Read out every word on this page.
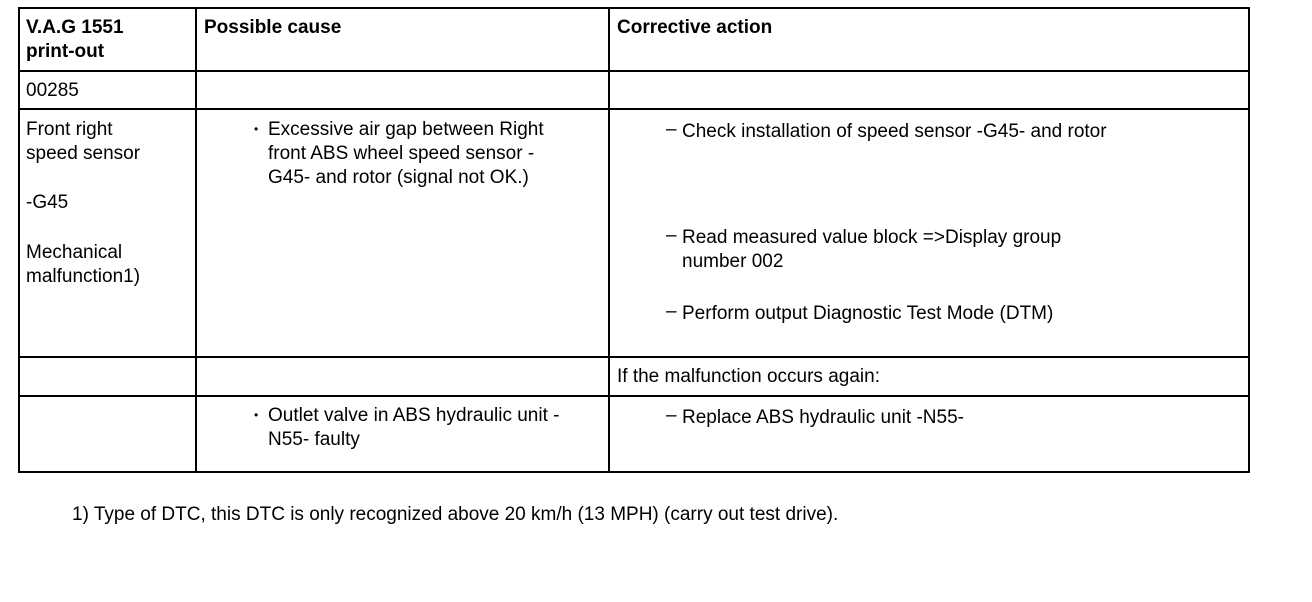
V.A.G 1551
print-out
Possible cause	Corrective action
00285
Front right
speed sensor
-G45
Mechanical
malfunction1)
• Excessive air gap between Right
front ABS wheel speed sensor -
G45- and rotor (signal not OK.)
– Check installation of speed sensor -G45- and rotor
– Read measured value block =>Display group
number 002
– Perform output Diagnostic Test Mode (DTM)
If the malfunction occurs again:
• Outlet valve in ABS hydraulic unit -
N55- faulty
– Replace ABS hydraulic unit -N55-
1) Type of DTC, this DTC is only recognized above 20 km/h (13 MPH) (carry out test drive).
